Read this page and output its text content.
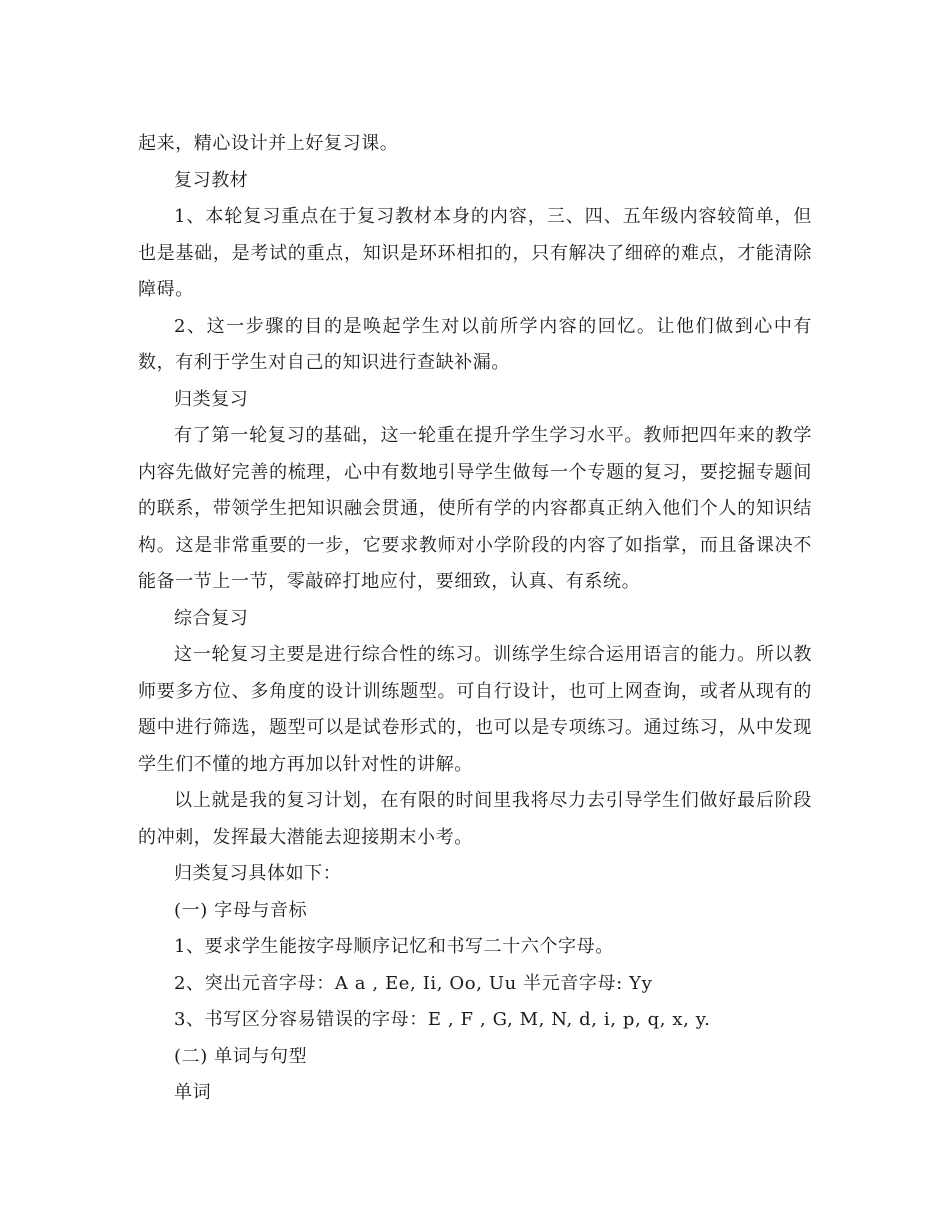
起来，精心设计并上好复习课。

复习教材

1、本轮复习重点在于复习教材本身的内容，三、四、五年级内容较简单，但也是基础，是考试的重点，知识是环环相扣的，只有解决了细碎的难点，才能清除障碍。

2、这一步骤的目的是唤起学生对以前所学内容的回忆。让他们做到心中有数，有利于学生对自己的知识进行查缺补漏。

归类复习

有了第一轮复习的基础，这一轮重在提升学生学习水平。教师把四年来的教学内容先做好完善的梳理，心中有数地引导学生做每一个专题的复习，要挖掘专题间的联系，带领学生把知识融会贯通，使所有学的内容都真正纳入他们个人的知识结构。这是非常重要的一步，它要求教师对小学阶段的内容了如指掌，而且备课决不能备一节上一节，零敲碎打地应付，要细致，认真、有系统。

综合复习

这一轮复习主要是进行综合性的练习。训练学生综合运用语言的能力。所以教师要多方位、多角度的设计训练题型。可自行设计，也可上网查询，或者从现有的题中进行筛选，题型可以是试卷形式的，也可以是专项练习。通过练习，从中发现学生们不懂的地方再加以针对性的讲解。

以上就是我的复习计划，在有限的时间里我将尽力去引导学生们做好最后阶段的冲刺，发挥最大潜能去迎接期末小考。

归类复习具体如下：

(一) 字母与音标

1、要求学生能按字母顺序记忆和书写二十六个字母。

2、突出元音字母：A a , Ee, Ii, Oo, Uu 半元音字母: Yy

3、书写区分容易错误的字母：E , F , G, M, N, d, i, p, q, x, y.

(二) 单词与句型

单词
